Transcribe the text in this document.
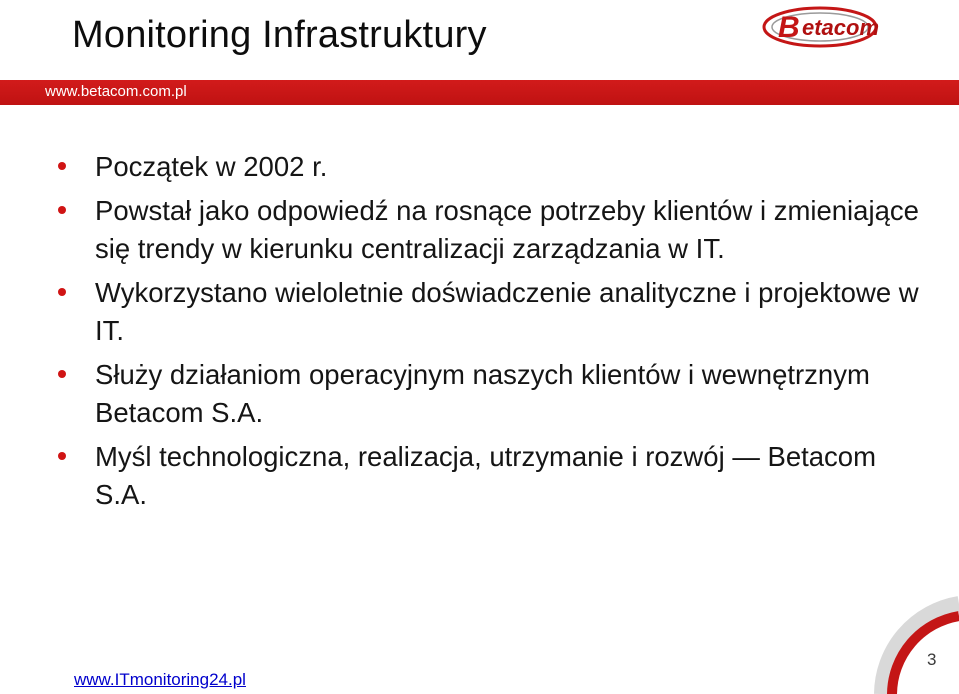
Monitoring Infrastruktury	B etacom
www.betacom.com.pl
Początek w 2002 r.
Powstał jako odpowiedź na rosnące potrzeby klientów i zmieniające się trendy w kierunku centralizacji zarządzania w IT.
Wykorzystano wieloletnie doświadczenie analityczne i projektowe w IT.
Służy działaniom operacyjnym naszych klientów i wewnętrznym Betacom S.A.
Myśl technologiczna, realizacja, utrzymanie i rozwój — Betacom S.A.
3
www.ITmonitoring24.pl
